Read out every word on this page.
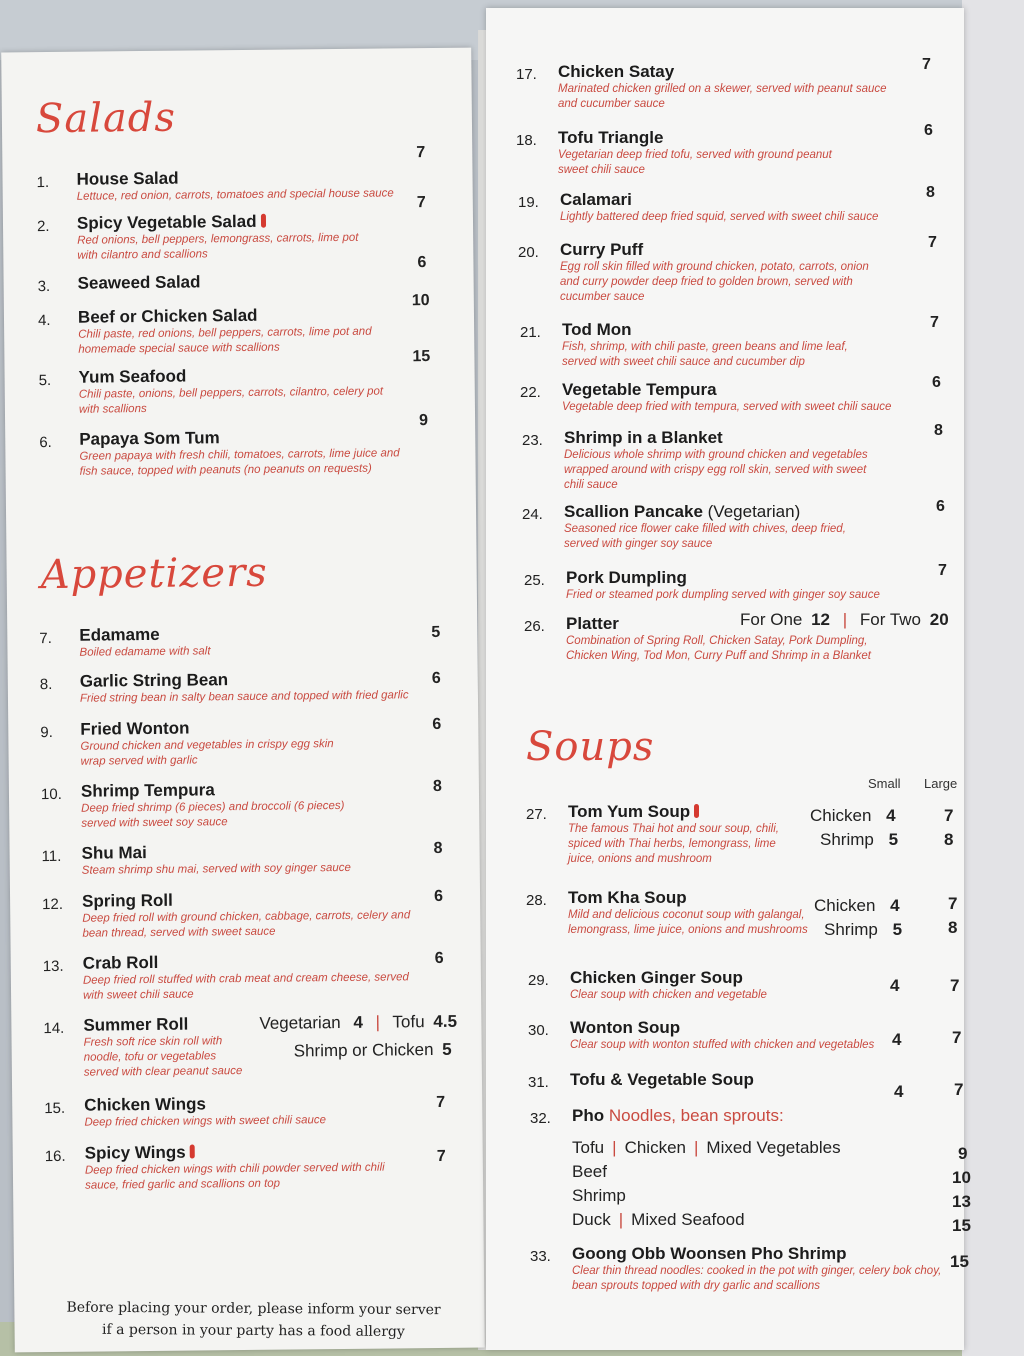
Salads
1. House Salad
Lettuce, red onion, carrots, tomatoes and special house sauce
7
2. Spicy Vegetable Salad
Red onions, bell peppers, lemongrass, carrots, lime pot with cilantro and scallions
7
3. Seaweed Salad
6
4. Beef or Chicken Salad
Chili paste, red onions, bell peppers, carrots, lime pot and homemade special sauce with scallions
10
5. Yum Seafood
Chili paste, onions, bell peppers, carrots, cilantro, celery pot with scallions
15
6. Papaya Som Tum
Green papaya with fresh chili, tomatoes, carrots, lime juice and fish sauce, topped with peanuts (no peanuts on requests)
9
Appetizers
7. Edamame
Boiled edamame with salt
5
8. Garlic String Bean
Fried string bean in salty bean sauce and topped with fried garlic
6
9. Fried Wonton
Ground chicken and vegetables in crispy egg skin wrap served with garlic
6
10. Shrimp Tempura
Deep fried shrimp (6 pieces) and broccoli (6 pieces) served with sweet soy sauce
8
11. Shu Mai
Steam shrimp shu mai, served with soy ginger sauce
8
12. Spring Roll
Deep fried roll with ground chicken, cabbage, carrots, celery and bean thread, served with sweet sauce
6
13. Crab Roll
Deep fried roll stuffed with crab meat and cream cheese, served with sweet chili sauce
6
14. Summer Roll
Fresh soft rice skin roll with noodle, tofu or vegetables served with clear peanut sauce
Vegetarian 4 | Tofu 4.5
Shrimp or Chicken 5
15. Chicken Wings
Deep fried chicken wings with sweet chili sauce
7
16. Spicy Wings
Deep fried chicken wings with chili powder served with chili sauce, fried garlic and scallions on top
7
Before placing your order, please inform your server
if a person in your party has a food allergy
17. Chicken Satay
Marinated chicken grilled on a skewer, served with peanut sauce and cucumber sauce
7
18. Tofu Triangle
Vegetarian deep fried tofu, served with ground peanut sweet chili sauce
6
19. Calamari
Lightly battered deep fried squid, served with sweet chili sauce
8
20. Curry Puff
Egg roll skin filled with ground chicken, potato, carrots, onion and curry powder deep fried to golden brown, served with cucumber sauce
7
21. Tod Mon
Fish, shrimp, with chili paste, green beans and lime leaf, served with sweet chili sauce and cucumber dip
7
22. Vegetable Tempura
Vegetable deep fried with tempura, served with sweet chili sauce
6
23. Shrimp in a Blanket
Delicious whole shrimp with ground chicken and vegetables wrapped around with crispy egg roll skin, served with sweet chili sauce
8
24. Scallion Pancake (Vegetarian)
Seasoned rice flower cake filled with chives, deep fried, served with ginger soy sauce
6
25. Pork Dumpling
Fried or steamed pork dumpling served with ginger soy sauce
7
26. Platter
Combination of Spring Roll, Chicken Satay, Pork Dumpling, Chicken Wing, Tod Mon, Curry Puff and Shrimp in a Blanket
For One 12 | For Two 20
Soups
Small Large
27. Tom Yum Soup
The famous Thai hot and sour soup, chili, spiced with Thai herbs, lemongrass, lime juice, onions and mushroom
Chicken 4	7
Shrimp 5	8
28. Tom Kha Soup
Mild and delicious coconut soup with galangal, lemongrass, lime juice, onions and mushrooms
Chicken 4	7
Shrimp 5	8
29. Chicken Ginger Soup
Clear soup with chicken and vegetable	4	7
30. Wonton Soup
Clear soup with wonton stuffed with chicken and vegetables	4	7
31. Tofu & Vegetable Soup
4	7
32. Pho Noodles, bean sprouts:
Tofu | Chicken | Mixed Vegetables	9
Beef	10
Shrimp	13
Duck | Mixed Seafood	15
33. Goong Obb Woonsen Pho Shrimp
Clear thin thread noodles: cooked in the pot with ginger, celery bok choy, bean sprouts topped with dry garlic and scallions
15
